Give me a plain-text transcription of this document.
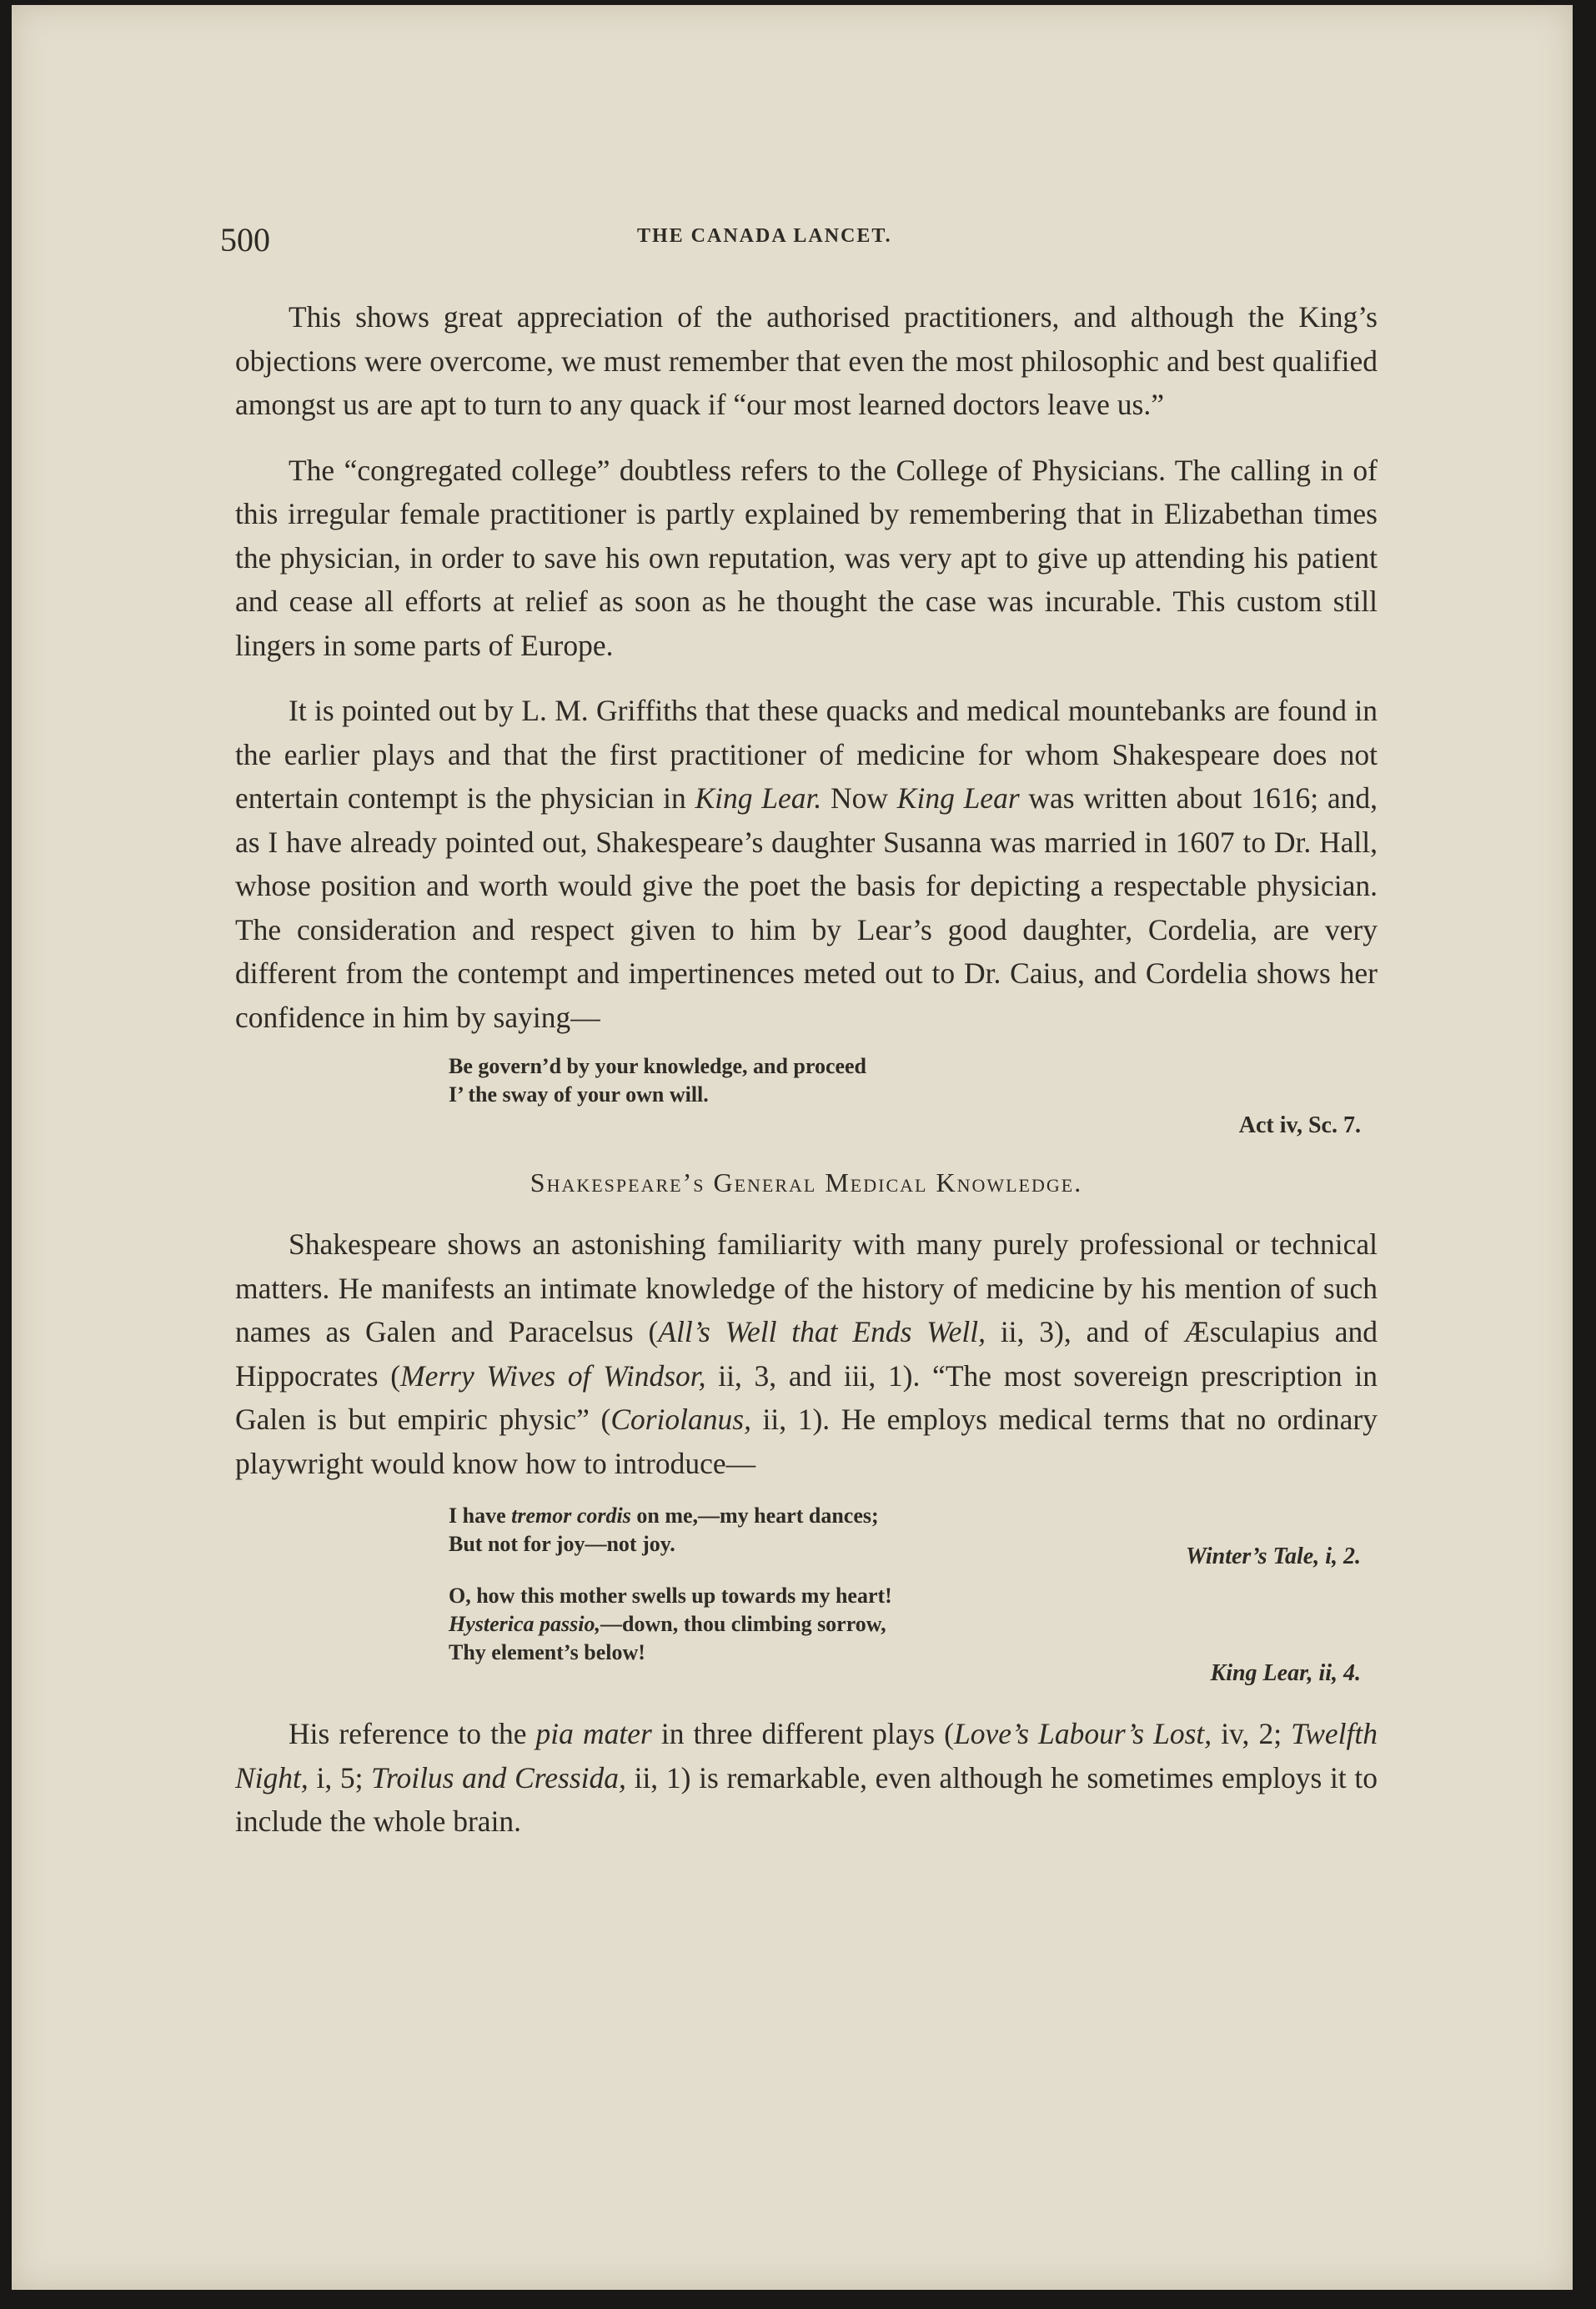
500	THE CANADA LANCET.

This shows great appreciation of the authorised practitioners, and although the King’s objections were overcome, we must remember that even the most philosophic and best qualified amongst us are apt to turn to any quack if “our most learned doctors leave us.”

The “congregated college” doubtless refers to the College of Physicians. The calling in of this irregular female practitioner is partly explained by remembering that in Elizabethan times the physician, in order to save his own reputation, was very apt to give up attending his patient and cease all efforts at relief as soon as he thought the case was incurable. This custom still lingers in some parts of Europe.

It is pointed out by L. M. Griffiths that these quacks and medical mountebanks are found in the earlier plays and that the first practitioner of medicine for whom Shakespeare does not entertain contempt is the physician in King Lear. Now King Lear was written about 1616; and, as I have already pointed out, Shakespeare’s daughter Susanna was married in 1607 to Dr. Hall, whose position and worth would give the poet the basis for depicting a respectable physician. The consideration and respect given to him by Lear’s good daughter, Cordelia, are very different from the contempt and impertinences meted out to Dr. Caius, and Cordelia shows her confidence in him by saying—

Be govern’d by your knowledge, and proceed
I’ the sway of your own will.
Act iv, Sc. 7.
Shakespeare’s General Medical Knowledge.

Shakespeare shows an astonishing familiarity with many purely professional or technical matters. He manifests an intimate knowledge of the history of medicine by his mention of such names as Galen and Paracelsus (All’s Well that Ends Well, ii, 3), and of Æsculapius and Hippocrates (Merry Wives of Windsor, ii, 3, and iii, 1). “The most sovereign prescription in Galen is but empiric physic” (Coriolanus, ii, 1). He employs medical terms that no ordinary playwright would know how to introduce—

I have tremor cordis on me,—my heart dances;
But not for joy—not joy.	Winter’s Tale, i, 2.
O, how this mother swells up towards my heart!
Hysterica passio,—down, thou climbing sorrow,
Thy element’s below!
King Lear, ii, 4.

His reference to the pia mater in three different plays (Love’s Labour’s Lost, iv, 2; Twelfth Night, i, 5; Troilus and Cressida, ii, 1) is remarkable, even although he sometimes employs it to include the whole brain.
